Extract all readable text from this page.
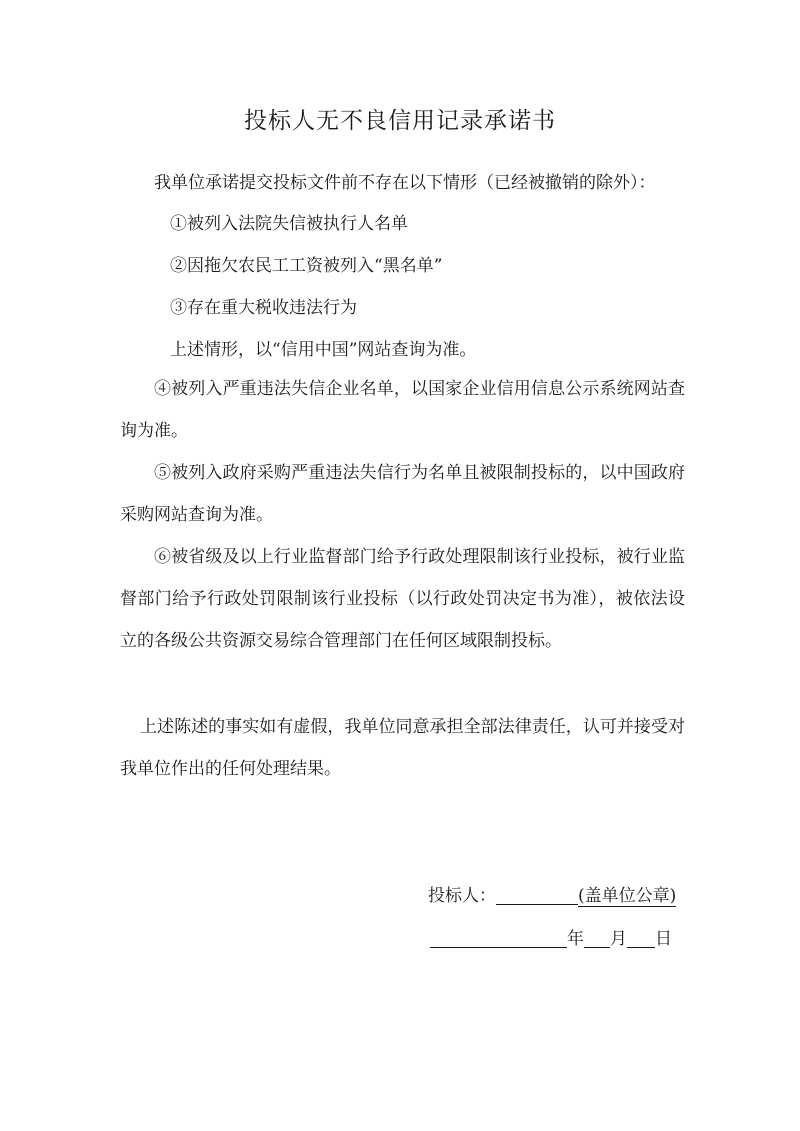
投标人无不良信用记录承诺书
我单位承诺提交投标文件前不存在以下情形（已经被撤销的除外）：
①被列入法院失信被执行人名单
②因拖欠农民工工资被列入“黑名单”
③存在重大税收违法行为
上述情形，以“信用中国”网站查询为准。
④被列入严重违法失信企业名单，以国家企业信用信息公示系统网站查询为准。
⑤被列入政府采购严重违法失信行为名单且被限制投标的，以中国政府采购网站查询为准。
⑥被省级及以上行业监督部门给予行政处理限制该行业投标，被行业监督部门给予行政处罚限制该行业投标（以行政处罚决定书为准），被依法设立的各级公共资源交易综合管理部门在任何区域限制投标。
上述陈述的事实如有虚假，我单位同意承担全部法律责任，认可并接受对我单位作出的任何处理结果。
投标人：	(盖单位公章)
年 月 日
